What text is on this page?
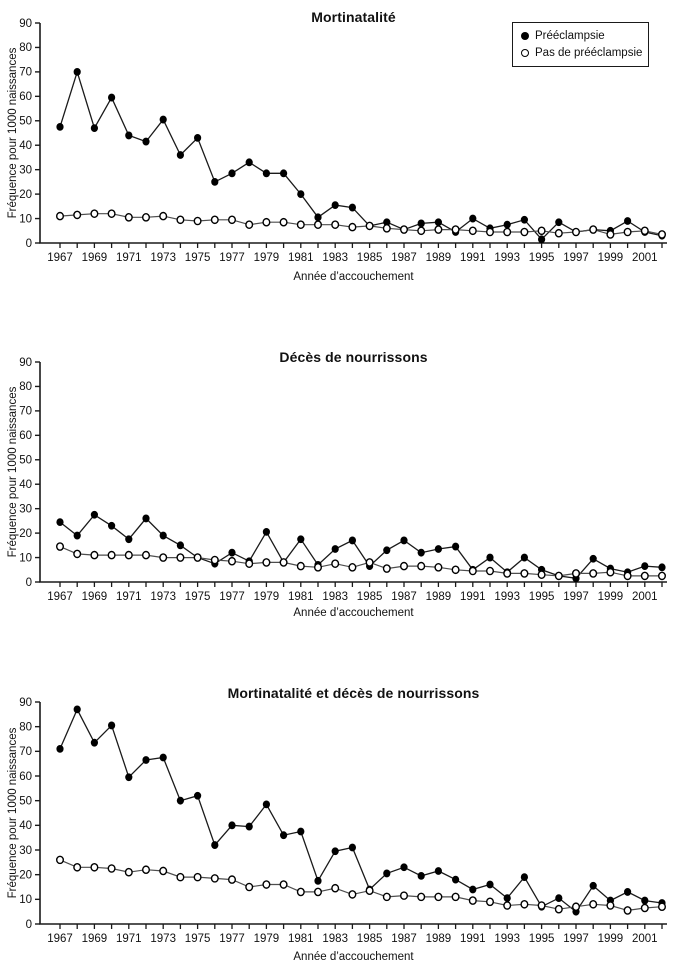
0
10
20
30
40
50
60
70
80
90
1967 1969 1971 1973 1975 1977 1979 1981 1983 1985 1987 1989 1991 1993 1995 1997 1999 2001
Mortinatalité
Fréquence pour 1000 naissances
Année d’accouchement
Prééclampsie
Pas de prééclampsie
0
10
20
30
40
50
60
70
80
90
1967 1969 1971 1973 1975 1977 1979 1981 1983 1985 1987 1989 1991 1993 1995 1997 1999 2001
Décès de nourrissons
Fréquence pour 1000 naissances
Année d’accouchement
0
10
20
30
40
50
60
70
80
90
1967 1969 1971 1973 1975 1977 1979 1981 1983 1985 1987 1989 1991 1993 1995 1997 1999 2001
Mortinatalité et décès de nourrissons
Fréquence pour 1000 naissances
Année d’accouchement
